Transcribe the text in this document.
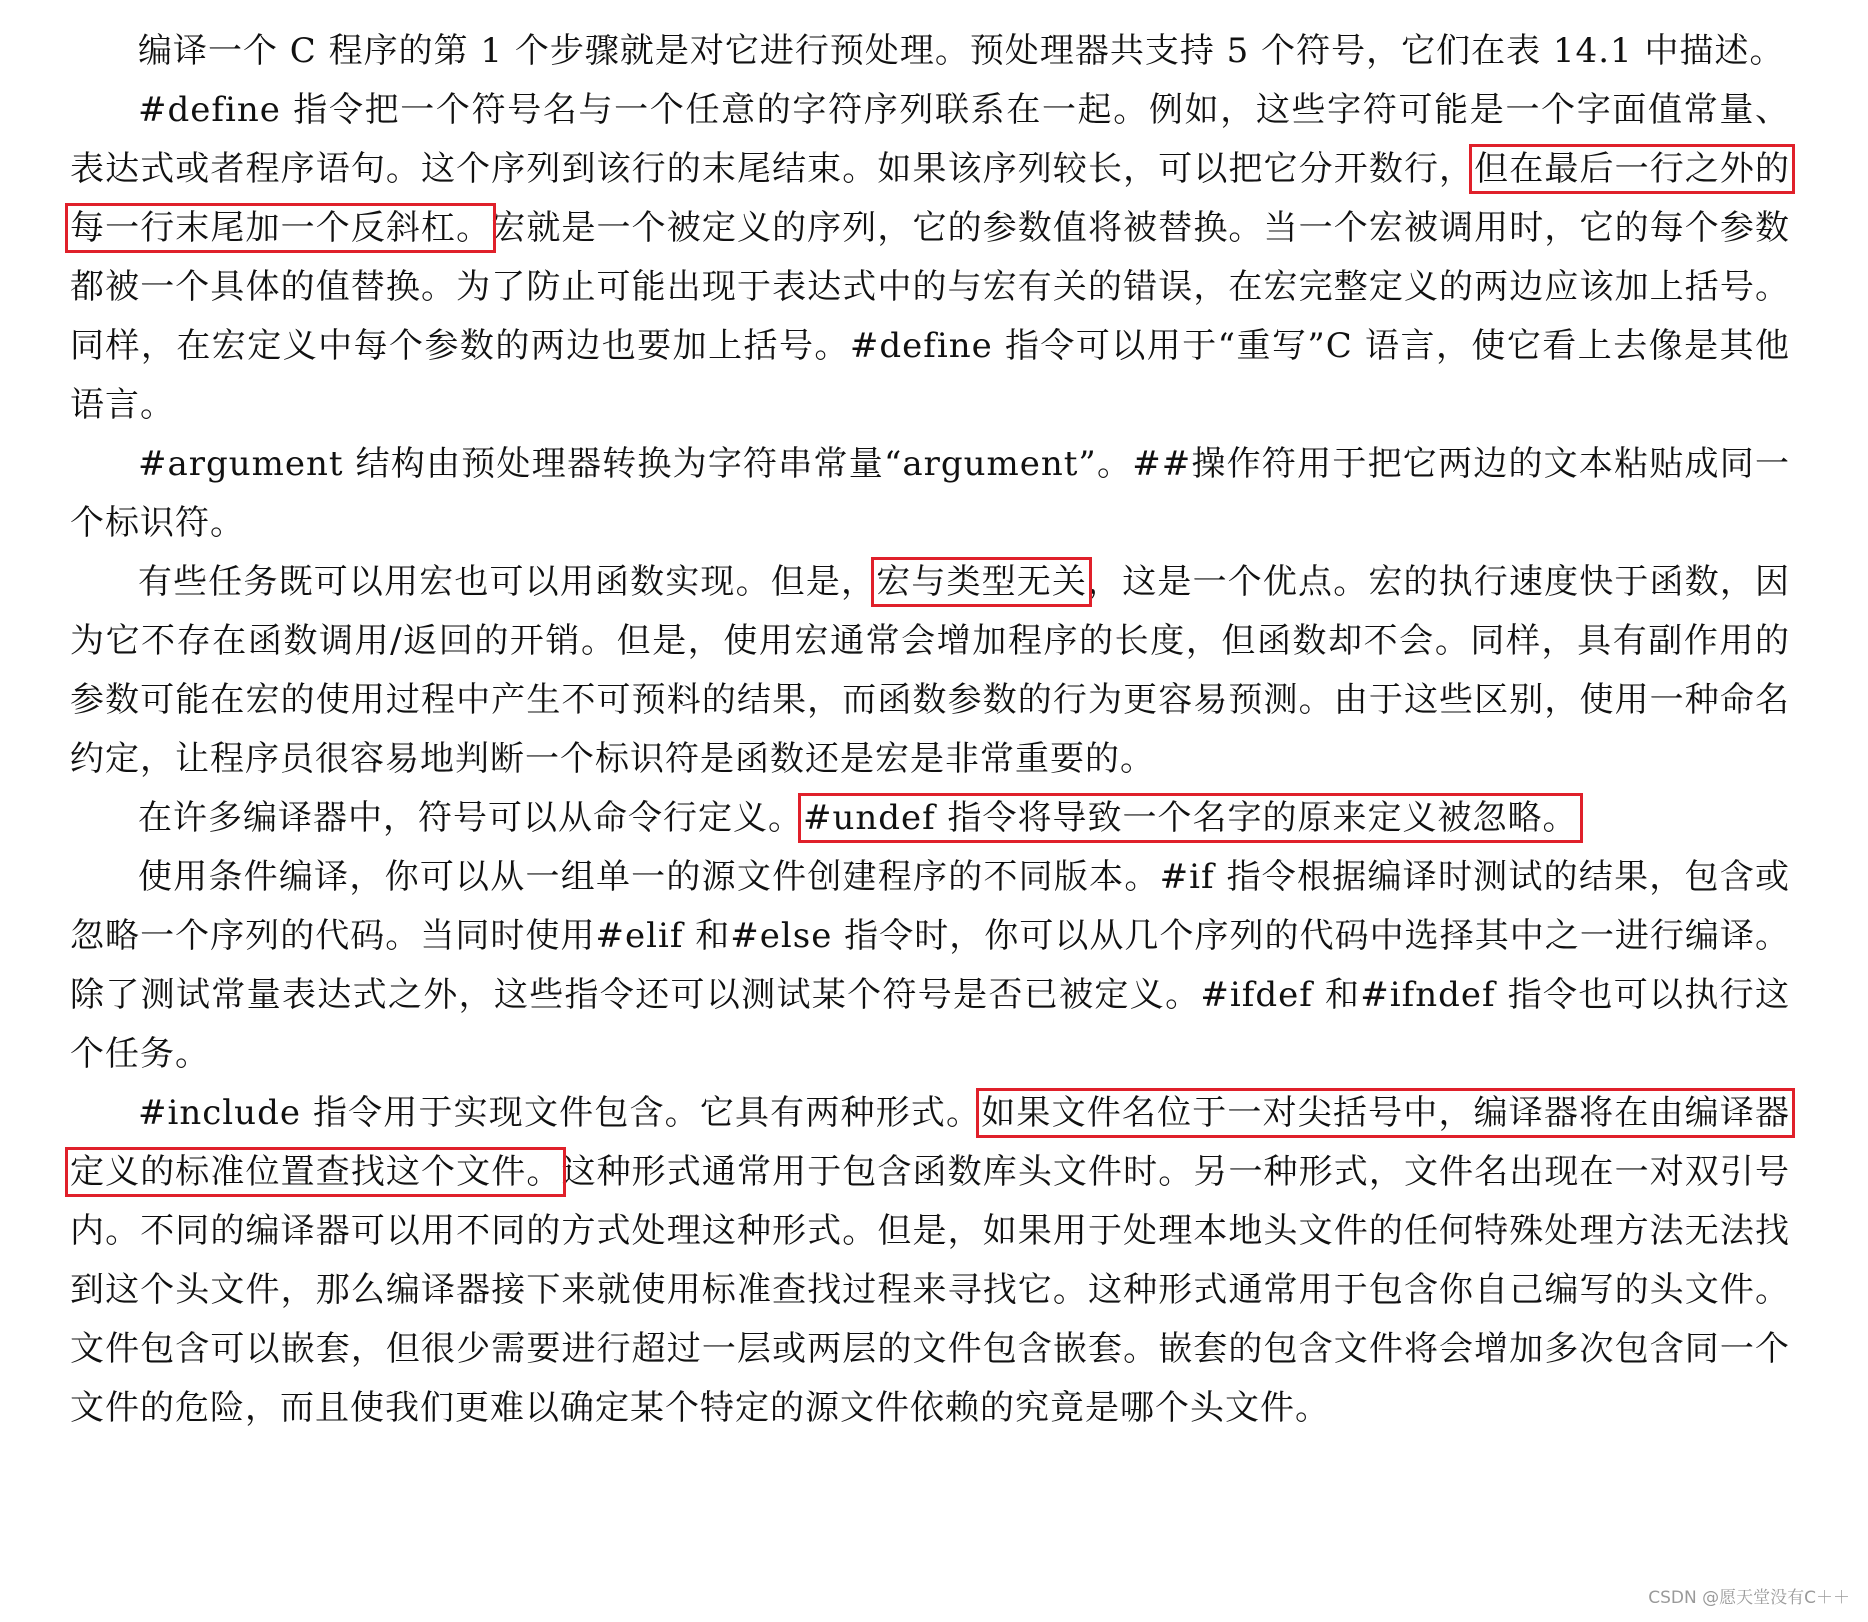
编译一个 C 程序的第 1 个步骤就是对它进行预处理。预处理器共支持 5 个符号，它们在表 14.1 中描述。

#define 指令把一个符号名与一个任意的字符序列联系在一起。例如，这些字符可能是一个字面值常量、表达式或者程序语句。这个序列到该行的末尾结束。如果该序列较长，可以把它分开数行，但在最后一行之外的每一行末尾加一个反斜杠。宏就是一个被定义的序列，它的参数值将被替换。当一个宏被调用时，它的每个参数都被一个具体的值替换。为了防止可能出现于表达式中的与宏有关的错误，在宏完整定义的两边应该加上括号。同样，在宏定义中每个参数的两边也要加上括号。#define 指令可以用于“重写”C 语言，使它看上去像是其他语言。

#argument 结构由预处理器转换为字符串常量“argument”。##操作符用于把它两边的文本粘贴成同一个标识符。

有些任务既可以用宏也可以用函数实现。但是，宏与类型无关，这是一个优点。宏的执行速度快于函数，因为它不存在函数调用/返回的开销。但是，使用宏通常会增加程序的长度，但函数却不会。同样，具有副作用的参数可能在宏的使用过程中产生不可预料的结果，而函数参数的行为更容易预测。由于这些区别，使用一种命名约定，让程序员很容易地判断一个标识符是函数还是宏是非常重要的。

在许多编译器中，符号可以从命令行定义。#undef 指令将导致一个名字的原来定义被忽略。

使用条件编译，你可以从一组单一的源文件创建程序的不同版本。#if 指令根据编译时测试的结果，包含或忽略一个序列的代码。当同时使用#elif 和#else 指令时，你可以从几个序列的代码中选择其中之一进行编译。除了测试常量表达式之外，这些指令还可以测试某个符号是否已被定义。#ifdef 和#ifndef 指令也可以执行这个任务。

#include 指令用于实现文件包含。它具有两种形式。如果文件名位于一对尖括号中，编译器将在由编译器定义的标准位置查找这个文件。这种形式通常用于包含函数库头文件时。另一种形式，文件名出现在一对双引号内。不同的编译器可以用不同的方式处理这种形式。但是，如果用于处理本地头文件的任何特殊处理方法无法找到这个头文件，那么编译器接下来就使用标准查找过程来寻找它。这种形式通常用于包含你自己编写的头文件。文件包含可以嵌套，但很少需要进行超过一层或两层的文件包含嵌套。嵌套的包含文件将会增加多次包含同一个文件的危险，而且使我们更难以确定某个特定的源文件依赖的究竟是哪个头文件。

CSDN @愿天堂没有C＋＋
